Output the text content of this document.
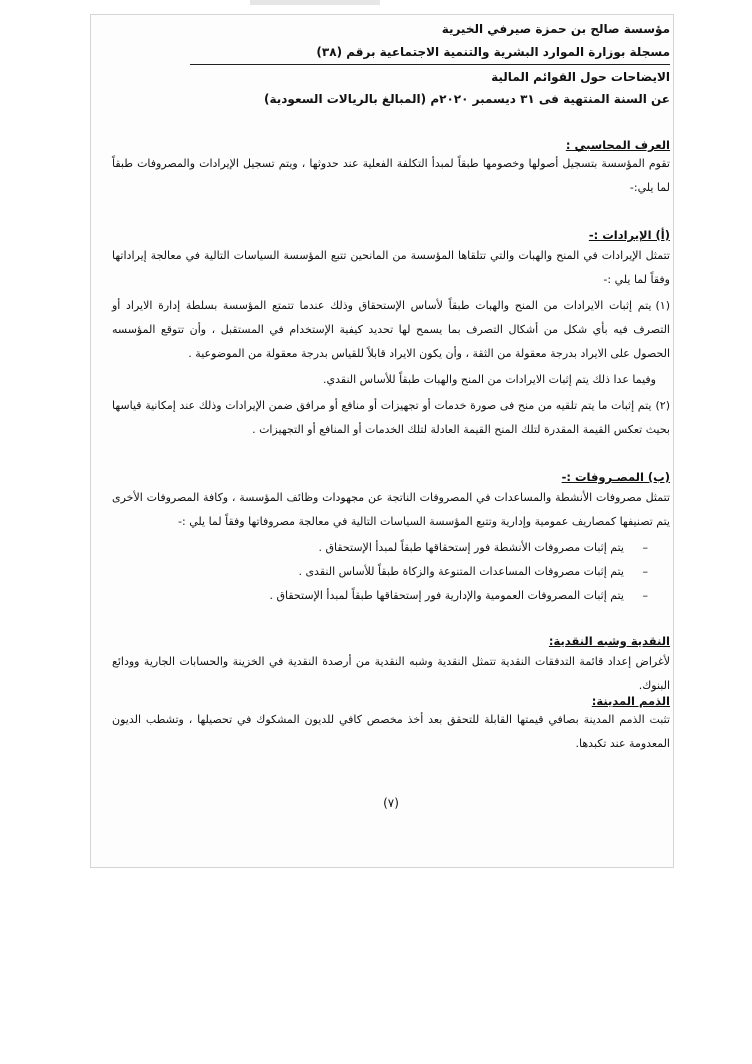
مؤسسة صالح بن حمزة صيرفي الخيرية
مسجلة بوزارة الموارد البشرية والتنمية الاجتماعية برقم (٣٨)
الايضاحات حول القوائم المالية
عن السنة المنتهية فى ٣١ ديسمبر ٢٠٢٠م (المبالغ بالريالات السعودية)
العرف المحاسبي :
تقوم المؤسسة بتسجيل أصولها وخصومها طبقاً لمبدأ التكلفة الفعلية عند حدوثها ، ويتم تسجيل الإيرادات والمصروفات طبقاً لما يلي:-
(أ) الإيرادات :-
تتمثل الإيرادات في المنح والهبات والتي تتلقاها المؤسسة من المانحين تتبع المؤسسة السياسات التالية في معالجة إيراداتها وفقاً لما يلي :-
(١)
يتم إثبات الايرادات من المنح والهبات طبقاً لأساس الإستحقاق وذلك عندما تتمتع المؤسسة بسلطة إدارة الايراد أو التصرف فيه بأي شكل من أشكال التصرف بما يسمح لها تحديد كيفية الإستخدام في المستقبل ، وأن تتوقع المؤسسه الحصول على الايراد بدرجة معقولة من الثقة ، وأن يكون الايراد قابلاً للقياس بدرجة معقولة من الموضوعية .
وفيما عدا ذلك يتم إثبات الايرادات من المنح والهبات طبقاً للأساس النقدي.
(٢)
يتم إثبات ما يتم تلقيه من منح فى صورة خدمات أو تجهيزات أو منافع أو مرافق ضمن الإيرادات وذلك عند إمكانية قياسها بحيث تعكس القيمة المقدرة لتلك المنح القيمة العادلة لتلك الخدمات أو المنافع أو التجهيزات .
(ب) المصـروفات :-
تتمثل مصروفات الأنشطة والمساعدات في المصروفات الناتجة عن مجهودات وظائف المؤسسة ، وكافة المصروفات الأخرى يتم تصنيفها كمصاريف عمومية وإدارية وتتبع المؤسسة السياسات التالية في معالجة مصروفاتها وفقاً لما يلي :-
–يتم إثبات مصروفات الأنشطة فور إستحقاقها طبقاً لمبدأ الإستحقاق .
–يتم إثبات مصروفات المساعدات المتنوعة والزكاة طبقاً للأساس النقدى .
–يتم إثبات المصروفات العمومية والإدارية فور إستحقاقها طبقاً لمبدأ الإستحقاق .
النقدية وشبه النقدية:
لأغراض إعداد قائمة التدفقات النقدية تتمثل النقدية وشبه النقدية من أرصدة النقدية في الخزينة والحسابات الجارية وودائع البنوك.
الذمم المدينة:
تثبت الذمم المدينة بصافي قيمتها القابلة للتحقق بعد أخذ مخصص كافي للديون المشكوك في تحصيلها ، وتشطب الديون المعدومة عند تكبدها.
(٧)
